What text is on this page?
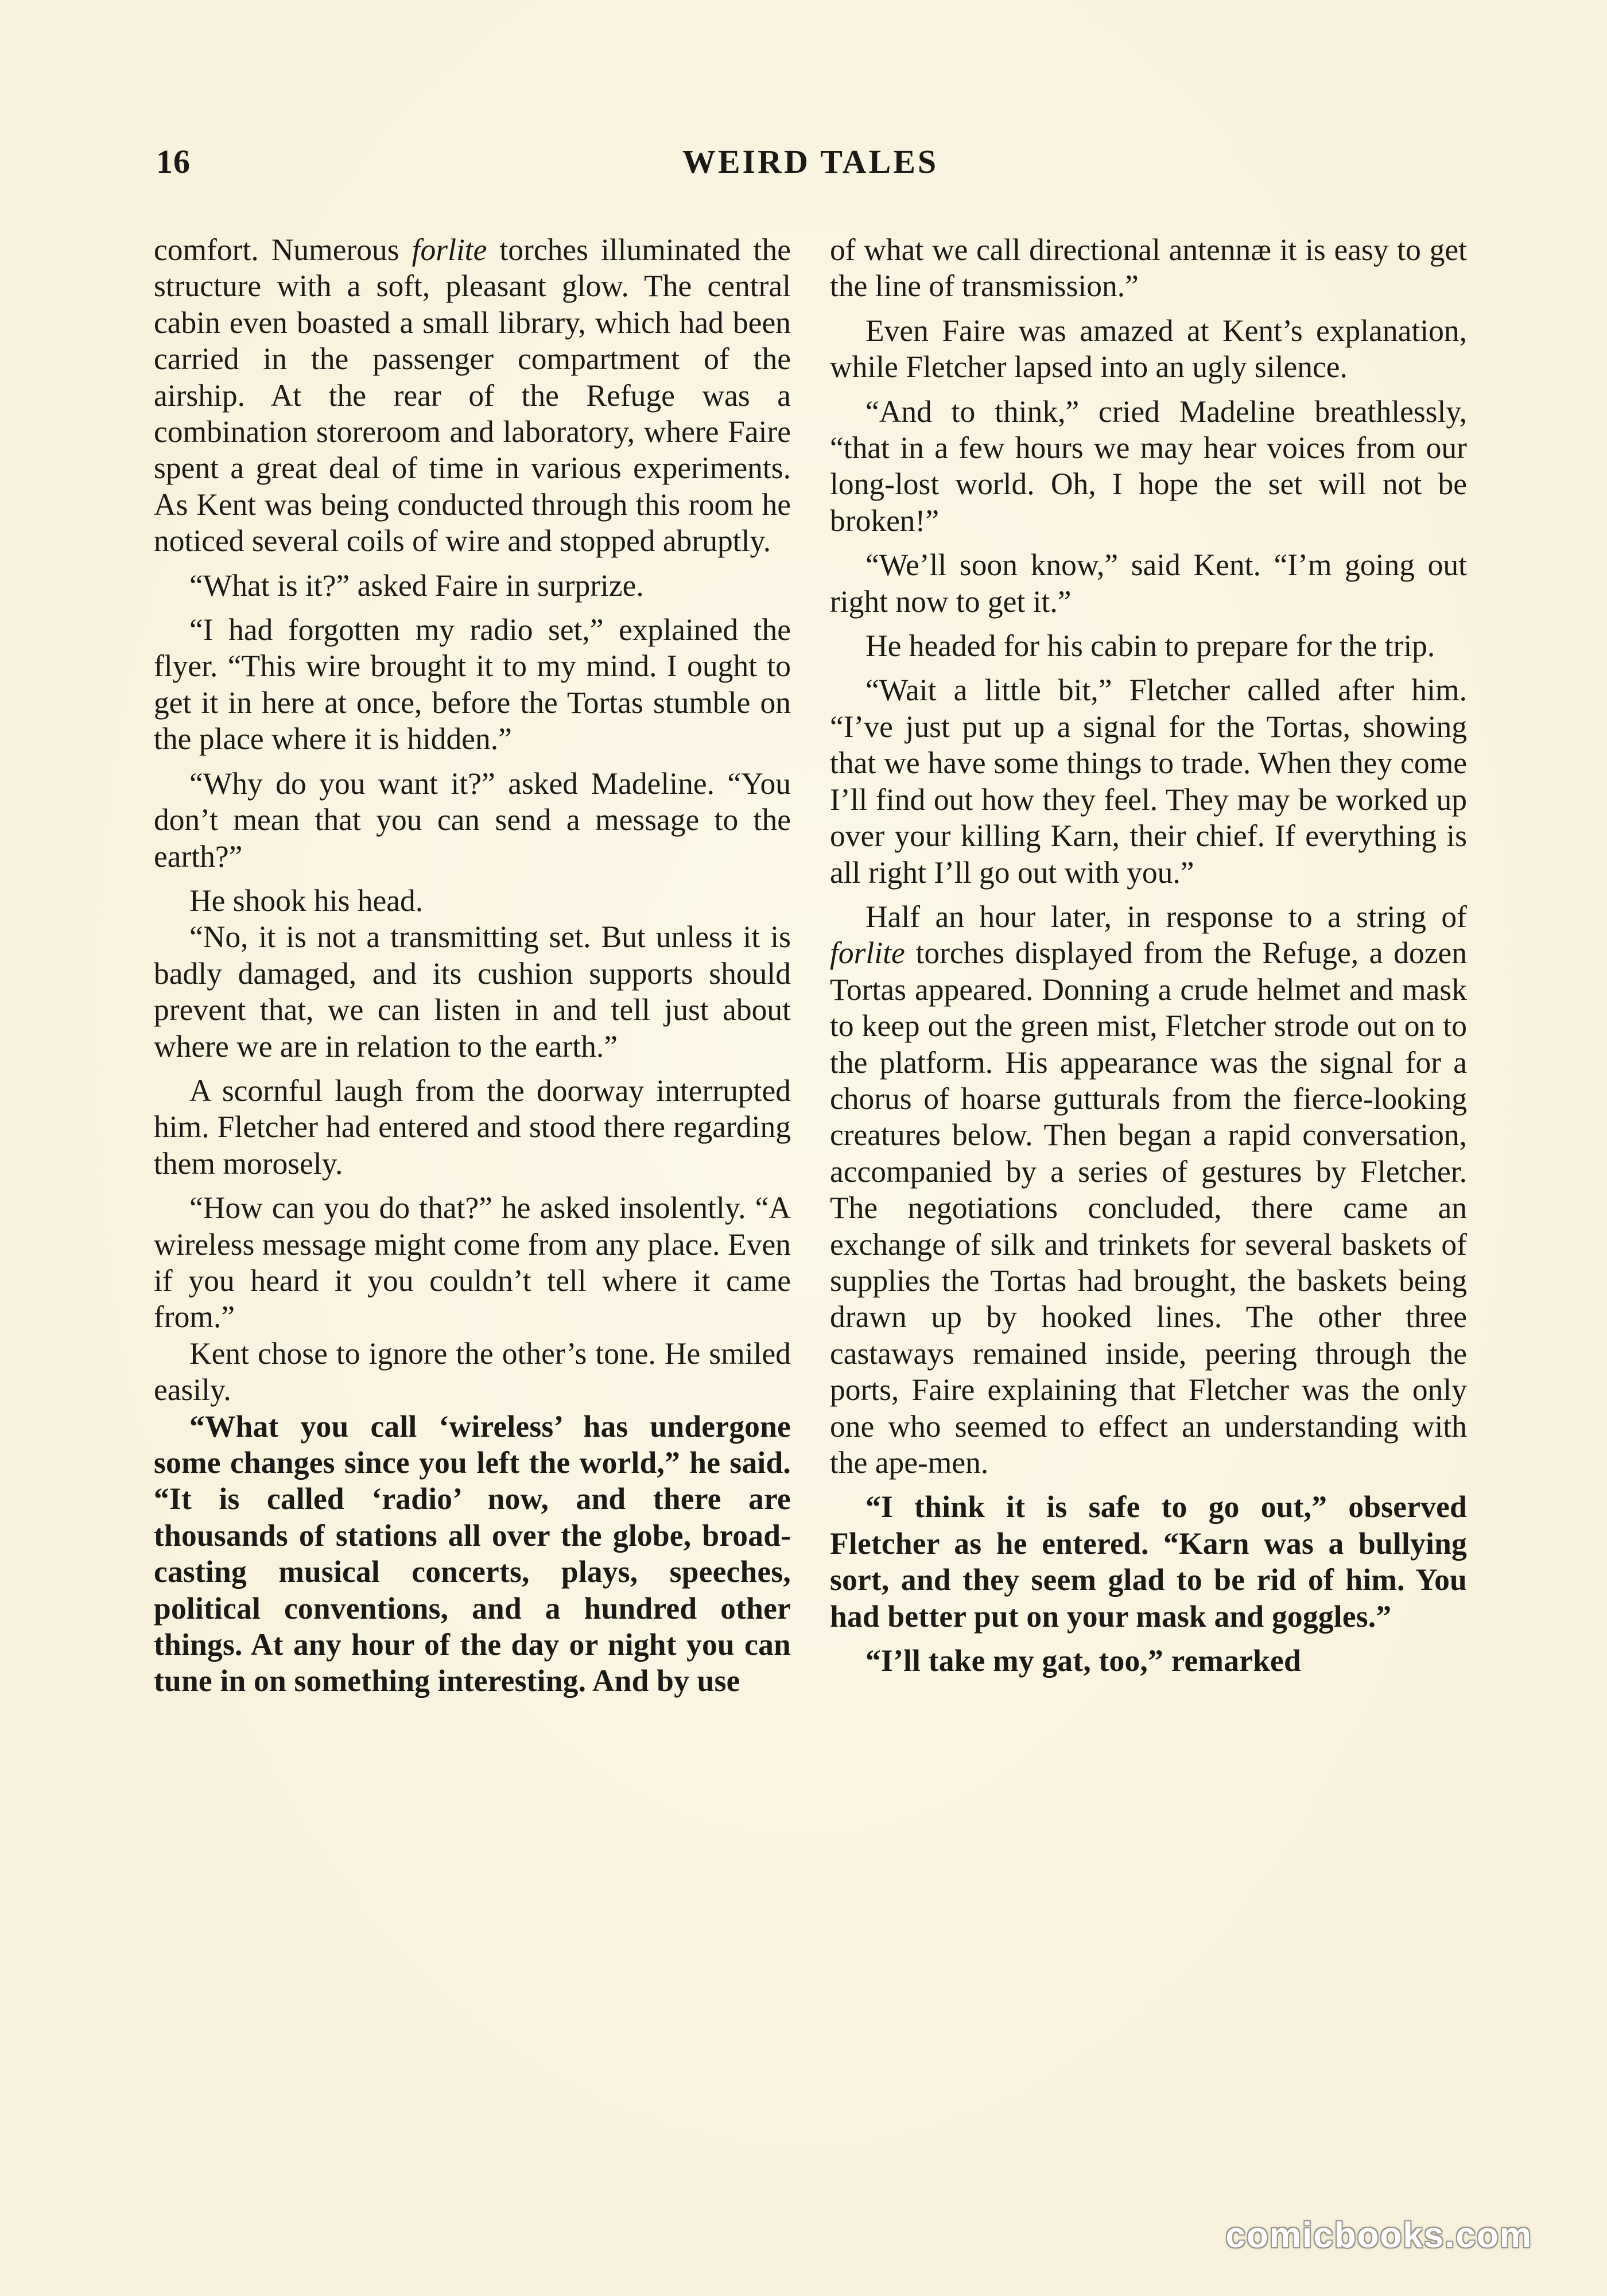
16	WEIRD TALES

comfort. Numerous forlite torches illuminated the structure with a soft, pleasant glow. The central cabin even boasted a small library, which had been carried in the passenger compartment of the airship. At the rear of the Refuge was a combination storeroom and laboratory, where Faire spent a great deal of time in various experiments. As Kent was being conducted through this room he noticed several coils of wire and stopped abruptly.

“What is it?” asked Faire in surprize.

“I had forgotten my radio set,” explained the flyer. “This wire brought it to my mind. I ought to get it in here at once, before the Tortas stumble on the place where it is hidden.”

“Why do you want it?” asked Madeline. “You don’t mean that you can send a message to the earth?”

He shook his head.

“No, it is not a transmitting set. But unless it is badly damaged, and its cushion supports should prevent that, we can listen in and tell just about where we are in relation to the earth.”

A scornful laugh from the doorway interrupted him. Fletcher had entered and stood there regarding them morosely.

“How can you do that?” he asked insolently. “A wireless message might come from any place. Even if you heard it you couldn’t tell where it came from.”

Kent chose to ignore the other’s tone. He smiled easily.

“What you call ‘wireless’ has undergone some changes since you left the world,” he said. “It is called ‘radio’ now, and there are thousands of stations all over the globe, broadcasting musical concerts, plays, speeches, political conventions, and a hundred other things. At any hour of the day or night you can tune in on something interesting. And by use

of what we call directional antennæ it is easy to get the line of transmission.”

Even Faire was amazed at Kent’s explanation, while Fletcher lapsed into an ugly silence.

“And to think,” cried Madeline breathlessly, “that in a few hours we may hear voices from our long-lost world. Oh, I hope the set will not be broken!”

“We’ll soon know,” said Kent. “I’m going out right now to get it.”

He headed for his cabin to prepare for the trip.

“Wait a little bit,” Fletcher called after him. “I’ve just put up a signal for the Tortas, showing that we have some things to trade. When they come I’ll find out how they feel. They may be worked up over your killing Karn, their chief. If everything is all right I’ll go out with you.”

Half an hour later, in response to a string of forlite torches displayed from the Refuge, a dozen Tortas appeared. Donning a crude helmet and mask to keep out the green mist, Fletcher strode out on to the platform. His appearance was the signal for a chorus of hoarse gutturals from the fierce-looking creatures below. Then began a rapid conversation, accompanied by a series of gestures by Fletcher. The negotiations concluded, there came an exchange of silk and trinkets for several baskets of supplies the Tortas had brought, the baskets being drawn up by hooked lines. The other three castaways remained inside, peering through the ports, Faire explaining that Fletcher was the only one who seemed to effect an understanding with the ape-men.

“I think it is safe to go out,” observed Fletcher as he entered. “Karn was a bullying sort, and they seem glad to be rid of him. You had better put on your mask and goggles.”

“I’ll take my gat, too,” remarked

comicbooks.com
